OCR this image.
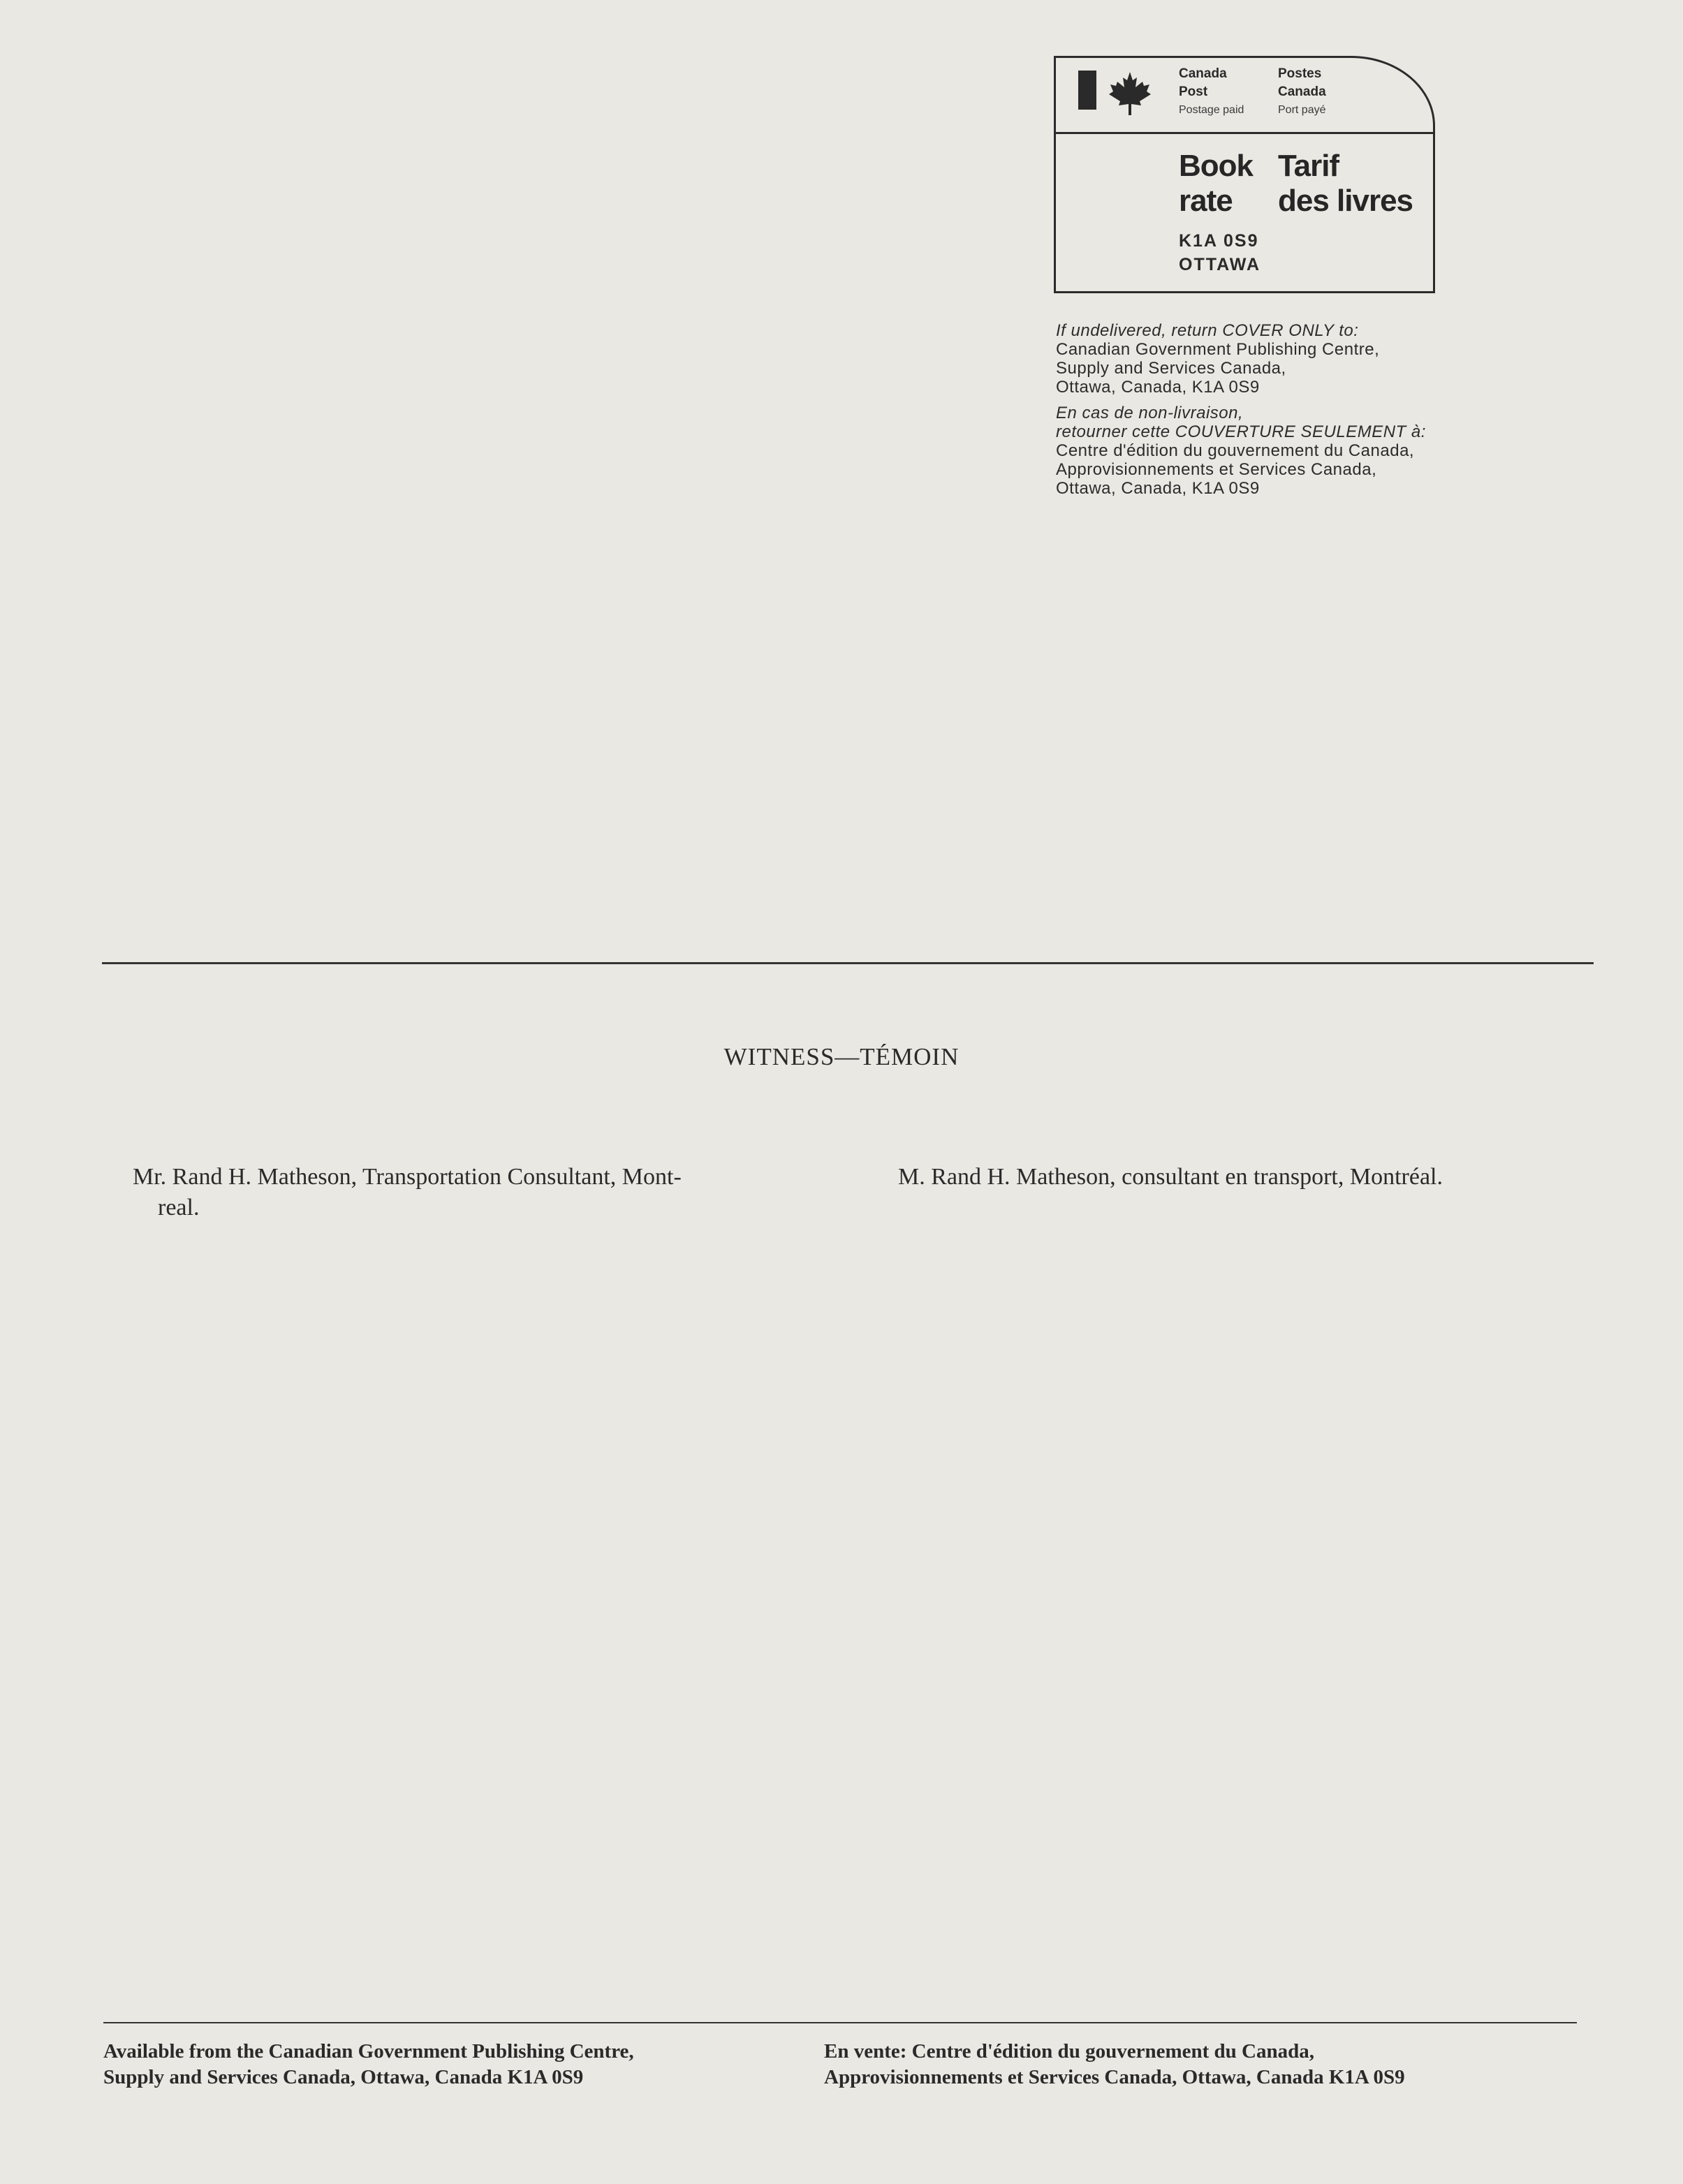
Canada
Post
Postage paid
Postes
Canada
Port payé
Book
rate
Tarif
des livres
K1A 0S9
OTTAWA
If undelivered, return COVER ONLY to:
Canadian Government Publishing Centre,
Supply and Services Canada,
Ottawa, Canada, K1A 0S9
En cas de non-livraison,
retourner cette COUVERTURE SEULEMENT à:
Centre d'édition du gouvernement du Canada,
Approvisionnements et Services Canada,
Ottawa, Canada, K1A 0S9
WITNESS—TÉMOIN
Mr. Rand H. Matheson, Transportation Consultant, Mont-
real.
M. Rand H. Matheson, consultant en transport, Montréal.
Available from the Canadian Government Publishing Centre,
Supply and Services Canada, Ottawa, Canada K1A 0S9
En vente: Centre d'édition du gouvernement du Canada,
Approvisionnements et Services Canada, Ottawa, Canada K1A 0S9
